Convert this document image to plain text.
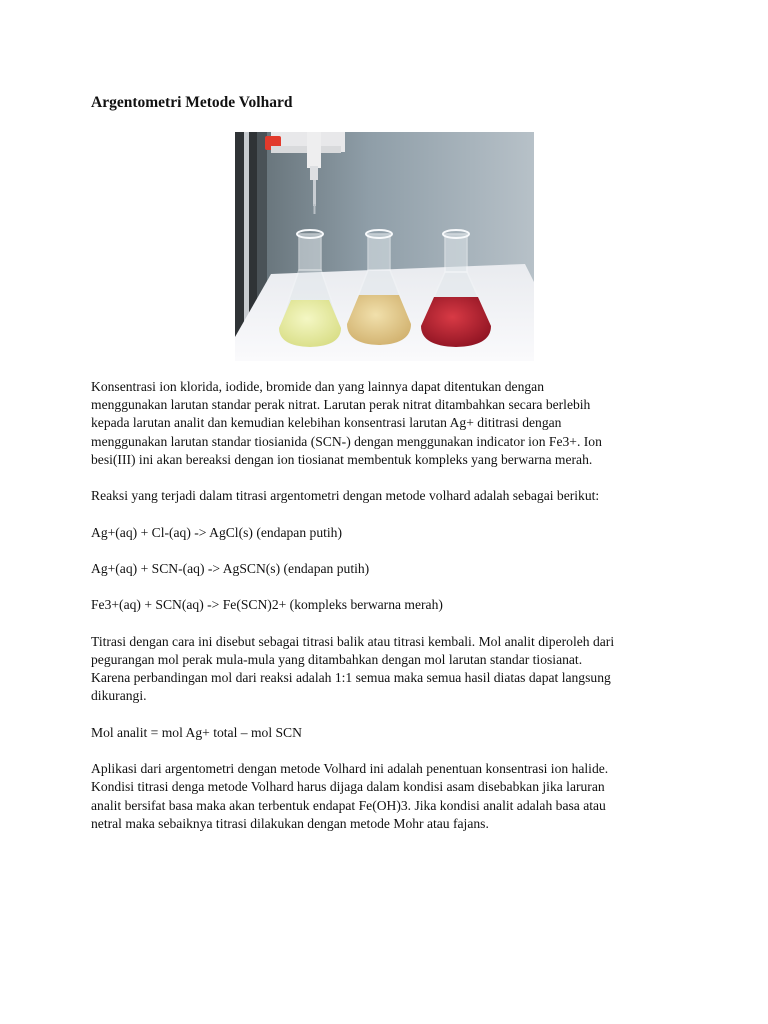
Argentometri Metode Volhard

Konsentrasi ion klorida, iodide, bromide dan yang lainnya dapat ditentukan dengan
menggunakan larutan standar perak nitrat. Larutan perak nitrat ditambahkan secara berlebih
kepada larutan analit dan kemudian kelebihan konsentrasi larutan Ag+ dititrasi dengan
menggunakan larutan standar tiosianida (SCN-) dengan menggunakan indicator ion Fe3+. Ion
besi(III) ini akan bereaksi dengan ion tiosianat membentuk kompleks yang berwarna merah.

Reaksi yang terjadi dalam titrasi argentometri dengan metode volhard adalah sebagai berikut:

Ag+(aq) + Cl-(aq) -> AgCl(s) (endapan putih)

Ag+(aq) + SCN-(aq) -> AgSCN(s) (endapan putih)

Fe3+(aq) + SCN(aq) -> Fe(SCN)2+ (kompleks berwarna merah)

Titrasi dengan cara ini disebut sebagai titrasi balik atau titrasi kembali. Mol analit diperoleh dari
pegurangan mol perak mula-mula yang ditambahkan dengan mol larutan standar tiosianat.
Karena perbandingan mol dari reaksi adalah 1:1 semua maka semua hasil diatas dapat langsung
dikurangi.

Mol analit = mol Ag+ total – mol SCN

Aplikasi dari argentometri dengan metode Volhard ini adalah penentuan konsentrasi ion halide.
Kondisi titrasi denga metode Volhard harus dijaga dalam kondisi asam disebabkan jika laruran
analit bersifat basa maka akan terbentuk endapat Fe(OH)3. Jika kondisi analit adalah basa atau
netral maka sebaiknya titrasi dilakukan dengan metode Mohr atau fajans.
